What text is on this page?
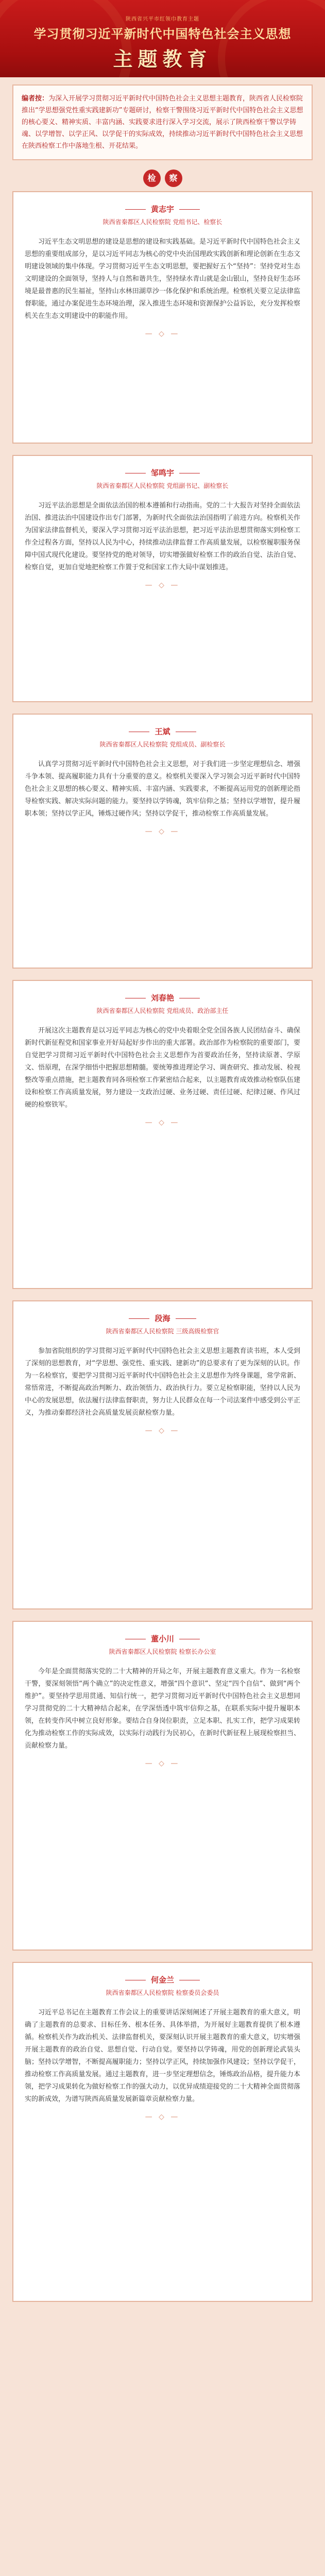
陕西省兴平市红领巾教育主题
学习贯彻习近平新时代中国特色社会主义思想
主题教育
编者按：为深入开展学习贯彻习近平新时代中国特色社会主义思想主题教育，陕西省人民检察院推出“学思想强党性重实践建新功”专题研讨，检察干警围绕习近平新时代中国特色社会主义思想的核心要义、精神实质、丰富内涵、实践要求进行深入学习交流，展示了陕西检察干警以学铸魂、以学增智、以学正风、以学促干的实际成效，持续推动习近平新时代中国特色社会主义思想在陕西检察工作中落地生根、开花结果。
检 察
黄志宇
陕西省秦都区人民检察院 党组书记、检察长
习近平生态文明思想的建设是思想的建设和实践基础。是习近平新时代中国特色社会主义思想的重要组成部分，是以习近平同志为核心的党中央治国理政实践创新和理论创新在生态文明建设领域的集中体现。学习贯彻习近平生态文明思想，要把握好五个“坚持”：坚持党对生态文明建设的全面领导，坚持人与自然和谐共生，坚持绿水青山就是金山银山，坚持良好生态环境是最普惠的民生福祉，坚持山水林田湖草沙一体化保护和系统治理。检察机关要立足法律监督职能，通过办案促进生态环境治理，深入推进生态环境和资源保护公益诉讼，充分发挥检察机关在生态文明建设中的职能作用。
— ◇ —
邹鸣宇
陕西省秦都区人民检察院 党组副书记、副检察长
习近平法治思想是全面依法治国的根本遵循和行动指南。党的二十大报告对坚持全面依法治国、推进法治中国建设作出专门部署，为新时代全面依法治国指明了前进方向。检察机关作为国家法律监督机关，要深入学习贯彻习近平法治思想，把习近平法治思想贯彻落实到检察工作全过程各方面，坚持以人民为中心，持续推动法律监督工作高质量发展，以检察履职服务保障中国式现代化建设。要坚持党的绝对领导，切实增强做好检察工作的政治自觉、法治自觉、检察自觉，更加自觉地把检察工作置于党和国家工作大局中谋划推进。
— ◇ —
王斌
陕西省秦都区人民检察院 党组成员、副检察长
认真学习贯彻习近平新时代中国特色社会主义思想，对于我们进一步坚定理想信念、增强斗争本领、提高履职能力具有十分重要的意义。检察机关要深入学习领会习近平新时代中国特色社会主义思想的核心要义、精神实质、丰富内涵、实践要求，不断提高运用党的创新理论指导检察实践、解决实际问题的能力。要坚持以学铸魂，筑牢信仰之基；坚持以学增智，提升履职本领；坚持以学正风，锤炼过硬作风；坚持以学促干，推动检察工作高质量发展。
— ◇ —
刘春艳
陕西省秦都区人民检察院 党组成员、政治部主任
开展这次主题教育是以习近平同志为核心的党中央着眼全党全国各族人民团结奋斗、确保新时代新征程党和国家事业开好局起好步作出的重大部署。政治部作为检察院的重要部门，要自觉把学习贯彻习近平新时代中国特色社会主义思想作为首要政治任务，坚持读原著、学原文、悟原理，在深学细悟中把握思想精髓。要统筹推进理论学习、调查研究、推动发展、检视整改等重点措施，把主题教育同各项检察工作紧密结合起来，以主题教育成效推动检察队伍建设和检察工作高质量发展，努力建设一支政治过硬、业务过硬、责任过硬、纪律过硬、作风过硬的检察铁军。
— ◇ —
段海
陕西省秦都区人民检察院 三级高级检察官
参加省院组织的学习贯彻习近平新时代中国特色社会主义思想主题教育读书班，本人受到了深刻的思想教育，对“学思想、强党性、重实践、建新功”的总要求有了更为深刻的认识。作为一名检察官，要把学习贯彻习近平新时代中国特色社会主义思想作为终身课题，常学常新、常悟常进，不断提高政治判断力、政治领悟力、政治执行力。要立足检察职能，坚持以人民为中心的发展思想，依法履行法律监督职责，努力让人民群众在每一个司法案件中感受到公平正义，为推动秦都经济社会高质量发展贡献检察力量。
— ◇ —
董小川
陕西省秦都区人民检察院 检察长办公室
今年是全面贯彻落实党的二十大精神的开局之年，开展主题教育意义重大。作为一名检察干警，要深刻领悟“两个确立”的决定性意义，增强“四个意识”、坚定“四个自信”、做到“两个维护”。要坚持学思用贯通、知信行统一，把学习贯彻习近平新时代中国特色社会主义思想同学习贯彻党的二十大精神结合起来，在学深悟透中筑牢信仰之基，在联系实际中提升履职本领，在转变作风中树立良好形象。要结合自身岗位职责，立足本职、扎实工作，把学习成果转化为推动检察工作的实际成效，以实际行动践行为民初心，在新时代新征程上展现检察担当、贡献检察力量。
— ◇ —
何金兰
陕西省秦都区人民检察院 检察委员会委员
习近平总书记在主题教育工作会议上的重要讲话深刻阐述了开展主题教育的重大意义，明确了主题教育的总要求、目标任务、根本任务、具体举措，为开展好主题教育提供了根本遵循。检察机关作为政治机关、法律监督机关，要深刻认识开展主题教育的重大意义，切实增强开展主题教育的政治自觉、思想自觉、行动自觉。要坚持以学铸魂，用党的创新理论武装头脑；坚持以学增智，不断提高履职能力；坚持以学正风，持续加强作风建设；坚持以学促干，推动检察工作高质量发展。通过主题教育，进一步坚定理想信念，锤炼政治品格，提升能力本领，把学习成果转化为做好检察工作的强大动力，以优异成绩迎接党的二十大精神全面贯彻落实的新成效，为谱写陕西高质量发展新篇章贡献检察力量。
— ◇ —
